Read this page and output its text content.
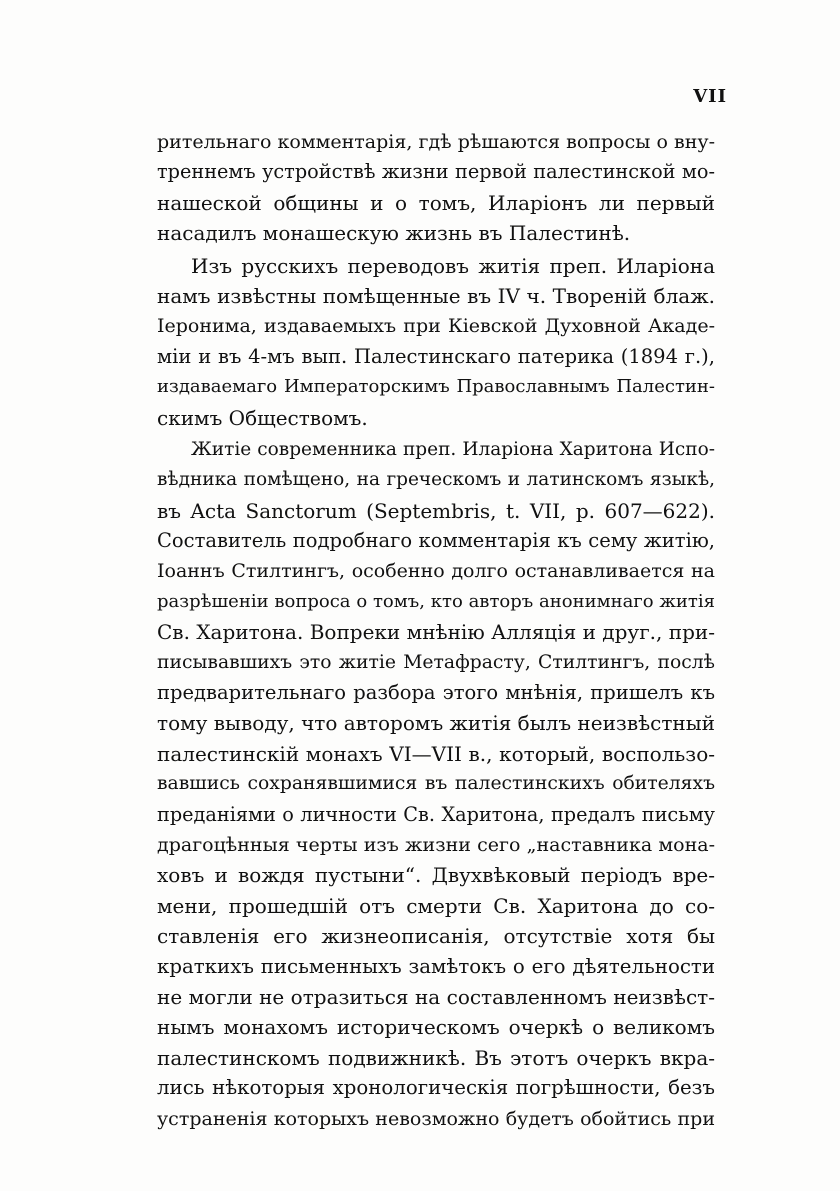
VII
рительнаго комментарія, гдѣ рѣшаются вопросы о вну-
треннемъ устройствѣ жизни первой палестинской мо-
нашеской общины и о томъ, Иларіонъ ли первый
насадилъ монашескую жизнь въ Палестинѣ.
Изъ русскихъ переводовъ житія преп. Иларіона
намъ извѣстны помѣщенные въ IV ч. Твореній блаж.
Іеронима, издаваемыхъ при Кіевской Духовной Акаде-
міи и въ 4-мъ вып. Палестинскаго патерика (1894 г.),
издаваемаго Императорскимъ Православнымъ Палестин-
скимъ Обществомъ.
Житіе современника преп. Иларіона Харитона Испо-
вѣдника помѣщено, на греческомъ и латинскомъ языкѣ,
въ Acta Sanctorum (Septembris, t. VII, p. 607—622).
Составитель подробнаго комментарія къ сему житію,
Іоаннъ Стилтингъ, особенно долго останавливается на
разрѣшеніи вопроса о томъ, кто авторъ анонимнаго житія
Св. Харитона. Вопреки мнѣнію Алляція и друг., при-
писывавшихъ это житіе Метафрасту, Стилтингъ, послѣ
предварительнаго разбора этого мнѣнія, пришелъ къ
тому выводу, что авторомъ житія былъ неизвѣстный
палестинскій монахъ VI—VII в., который, воспользо-
вавшись сохранявшимися въ палестинскихъ обителяхъ
преданіями о личности Св. Харитона, предалъ письму
драгоцѣнныя черты изъ жизни сего „наставника мона-
ховъ и вождя пустыни“. Двухвѣковый періодъ вре-
мени, прошедшій отъ смерти Св. Харитона до со-
ставленія его жизнеописанія, отсутствіе хотя бы
краткихъ письменныхъ замѣтокъ о его дѣятельности
не могли не отразиться на составленномъ неизвѣст-
нымъ монахомъ историческомъ очеркѣ о великомъ
палестинскомъ подвижникѣ. Въ этотъ очеркъ вкра-
лись нѣкоторыя хронологическія погрѣшности, безъ
устраненія которыхъ невозможно будетъ обойтись при
